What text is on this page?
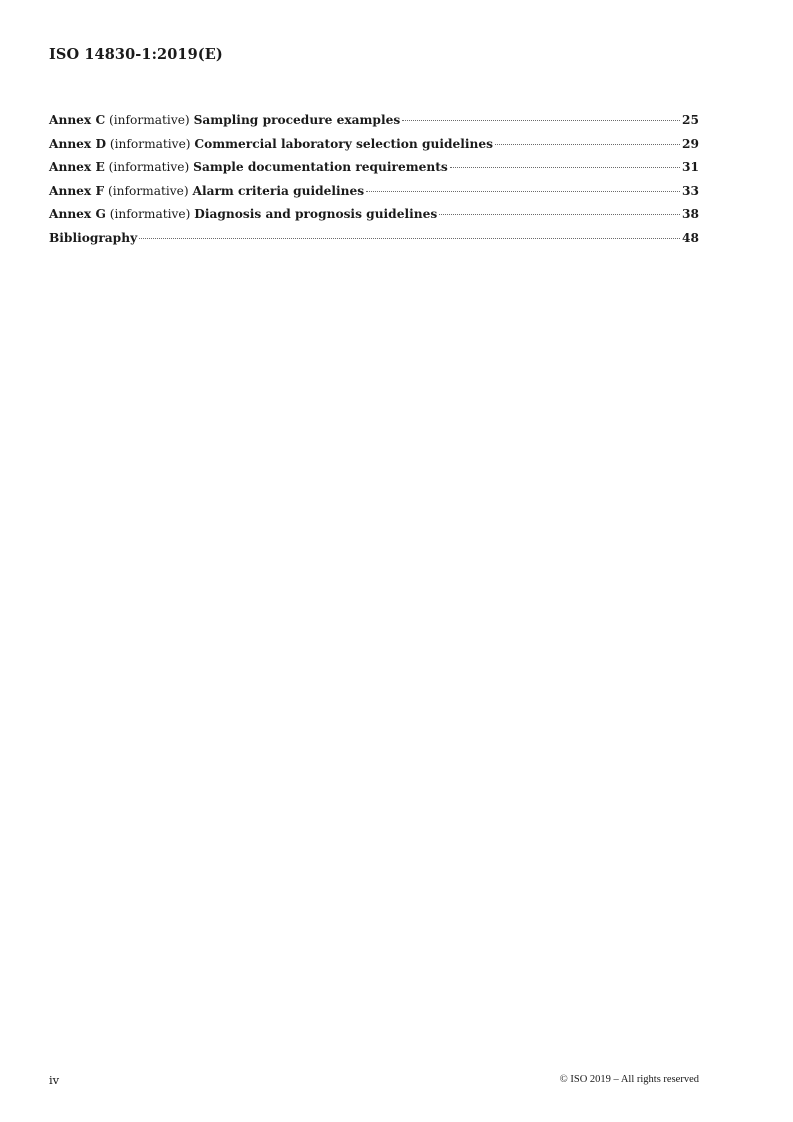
ISO 14830-1:2019(E)
Annex C (informative) Sampling procedure examples	25
Annex D (informative) Commercial laboratory selection guidelines	29
Annex E (informative) Sample documentation requirements	31
Annex F (informative) Alarm criteria guidelines	33
Annex G (informative) Diagnosis and prognosis guidelines	38
Bibliography	48
iv	© ISO 2019 – All rights reserved
